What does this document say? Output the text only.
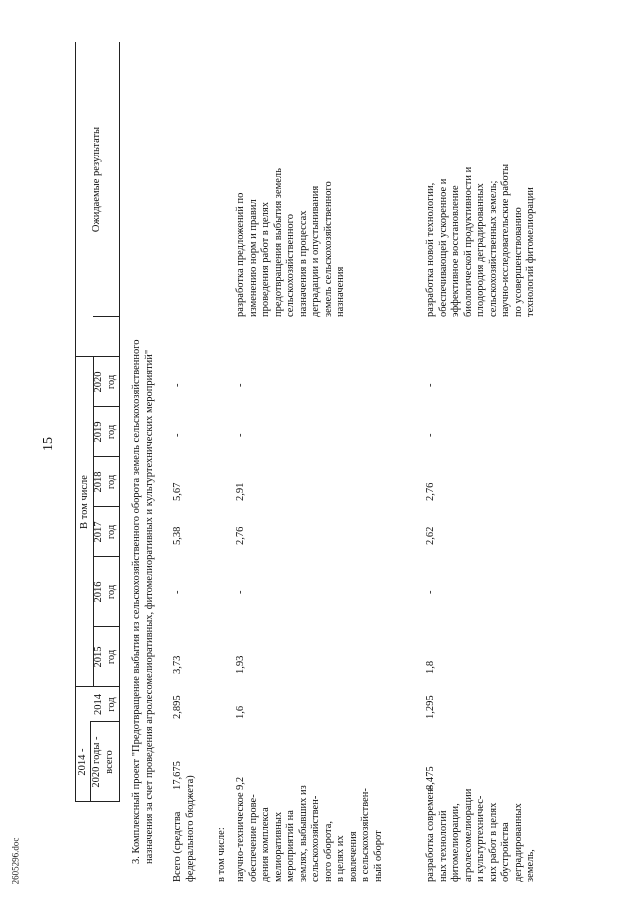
15
2605296.doc
2014 -
2020 годы -
всего
В том числе
2014
год
2015
год
2016
год
2017
год
2018
год
2019
год
2020
год
Ожидаемые результаты
3. Комплексный проект "Предотвращение выбытия из сельскохозяйственного оборота земель сельскохозяйственного
назначения за счет проведения агролесомелиоративных, фитомелиоративных и культуртехнических мероприятий"
Всего (средства
федерального бюджета)
17,675
2,895
3,73
-
5,38
5,67
-
-
в том числе: научно-техническое
обеспечение прове-
дения комплекса
мелиоративных
мероприятий на
землях, выбывших из
сельскохозяйствен-
ного оборота,
в целях их
вовлечения
в сельскохозяйствен-
ный оборот
9,2
1,6
1,93
-
2,76
2,91
-
-
разработка предложений по
изменению норм и правил
проведения работ в целях
предотвращения выбытия земель
сельскохозяйственного
назначения в процессах
деградации и опустынивания
земель сельскохозяйственного
назначения
разработка современ-
ных технологий
фитомелиорации,
агролесомелиорации
и культуртехничес-
ких работ в целях
обустройства
деградированных
земель,
8,475
1,295
1,8
-
2,62
2,76
-
-
разработка новой технологии,
обеспечивающей ускоренное и
эффективное восстановление
биологической продуктивности и
плодородия деградированных
сельскохозяйственных земель;
научно-исследовательские работы
по усовершенствованию
технологий фитомелиорации
